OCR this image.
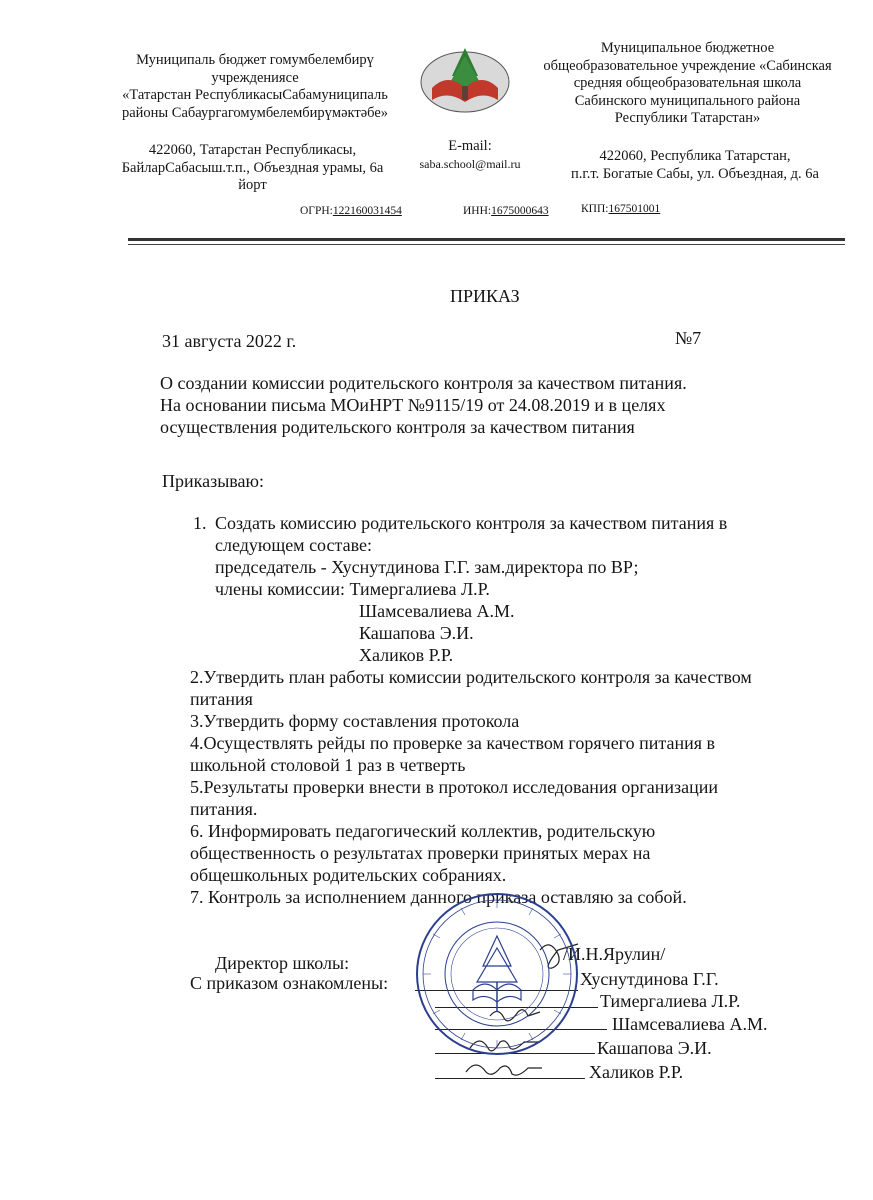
Муниципаль бюджет гомумбелембирү
учреждениясе
«Татарстан РеспубликасыСабамуниципаль
районы Сабаургагомумбелембирүмәктәбе»
422060, Татарстан Республикасы,
БайларСабасыш.т.п., Объездная урамы, 6а
йорт
E-mail:
saba.school@mail.ru
Муниципальное бюджетное
общеобразовательное учреждение «Сабинская
средняя общеобразовательная школа
Сабинского муниципального района
Республики Татарстан»
422060, Республика Татарстан,
п.г.т. Богатые Сабы, ул. Объездная, д. 6а
ОГРН:122160031454	ИНН:1675000643	КПП:167501001
ПРИКАЗ
31 августа 2022 г.	№7
О создании комиссии родительского контроля за качеством питания.
На основании письма МОиНРТ №9115/19 от 24.08.2019 и в целях
осуществления родительского контроля за качеством питания
Приказываю:
1. Создать комиссию родительского контроля за качеством питания в
следующем составе:
председатель - Хуснутдинова Г.Г. зам.директора по ВР;
члены комиссии: Тимергалиева Л.Р.
Шамсевалиева А.М.
Кашапова Э.И.
Халиков Р.Р.
2.Утвердить план работы комиссии родительского контроля за качеством
питания
3.Утвердить форму составления протокола
4.Осуществлять рейды по проверке за качеством горячего питания в
школьной столовой 1 раз в четверть
5.Результаты проверки внести в протокол исследования организации
питания.
6. Информировать педагогический коллектив, родительскую
общественность о результатах проверки принятых мерах на
общешкольных родительских собраниях.
7. Контроль за исполнением данного приказа оставляю за собой.
Директор школы:	/И.Н.Ярулин/
С приказом ознакомлены:	Хуснутдинова Г.Г.
Тимергалиева Л.Р.
Шамсевалиева А.М.
Кашапова Э.И.
Халиков Р.Р.
